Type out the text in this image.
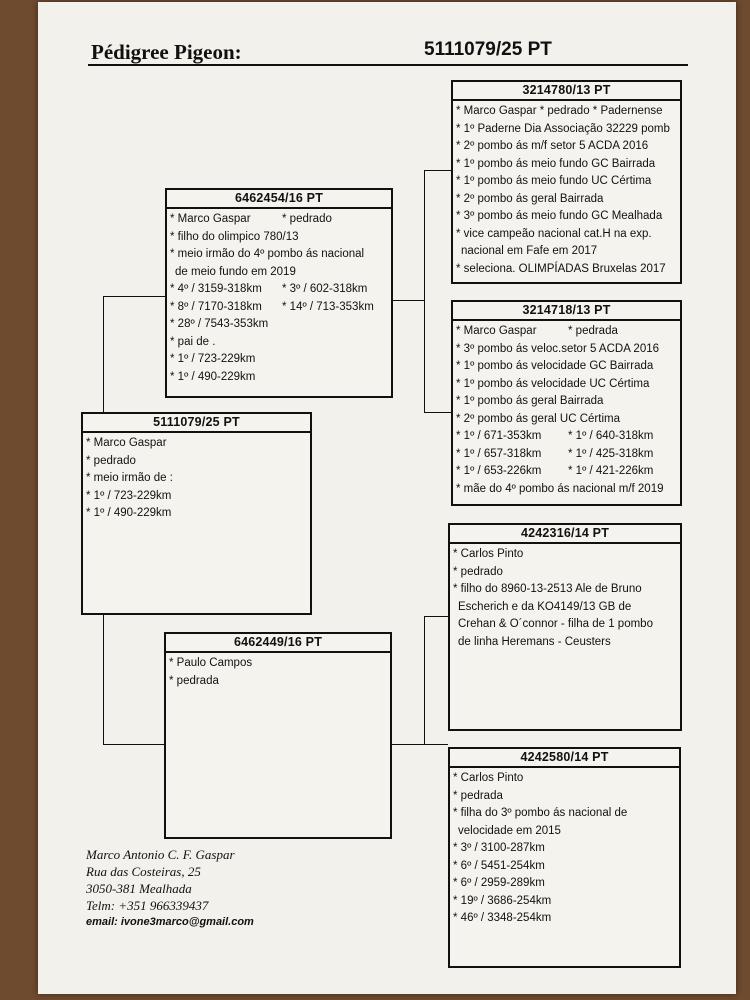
Pédigree Pigeon:	5111079/25 PT
5111079/25 PT
* Marco Gaspar
* pedrado
* meio irmão de :
* 1º / 723-229km
* 1º / 490-229km
6462454/16 PT
* Marco Gaspar	* pedrado
* filho do olimpico 780/13
* meio irmão do 4º pombo ás nacional
de meio fundo em 2019
* 4º / 3159-318km * 3º / 602-318km
* 8º / 7170-318km * 14º / 713-353km
* 28º / 7543-353km
* pai de .
* 1º / 723-229km
* 1º / 490-229km
6462449/16 PT
* Paulo Campos
* pedrada
3214780/13 PT
* Marco Gaspar * pedrado * Padernense
* 1º Paderne Dia Associação 32229 pomb
* 2º pombo ás m/f setor 5 ACDA 2016
* 1º pombo ás meio fundo GC Bairrada
* 1º pombo ás meio fundo UC Cértima
* 2º pombo ás geral Bairrada
* 3º pombo ás meio fundo GC Mealhada
* vice campeão nacional cat.H na exp.
nacional em Fafe em 2017
* seleciona. OLIMPÍADAS Bruxelas 2017
3214718/13 PT
* Marco Gaspar	* pedrada
* 3º pombo ás veloc.setor 5 ACDA 2016
* 1º pombo ás velocidade GC Bairrada
* 1º pombo ás velocidade UC Cértima
* 1º pombo ás geral Bairrada
* 2º pombo ás geral UC Cértima
* 1º / 671-353km * 1º / 640-318km
* 1º / 657-318km * 1º / 425-318km
* 1º / 653-226km * 1º / 421-226km
* mãe do 4º pombo ás nacional m/f 2019
4242316/14 PT
* Carlos Pinto
* pedrado
* filho do 8960-13-2513 Ale de Bruno
Escherich e da KO4149/13 GB de
Crehan & O´connor - filha de 1 pombo
de linha Heremans - Ceusters
4242580/14 PT
* Carlos Pinto
* pedrada
* filha do 3º pombo ás nacional de
velocidade em 2015
* 3º / 3100-287km
* 6º / 5451-254km
* 6º / 2959-289km
* 19º / 3686-254km
* 46º / 3348-254km
Marco Antonio C. F. Gaspar
Rua das Costeiras, 25
3050-381 Mealhada
Telm: +351 966339437
email: ivone3marco@gmail.com
